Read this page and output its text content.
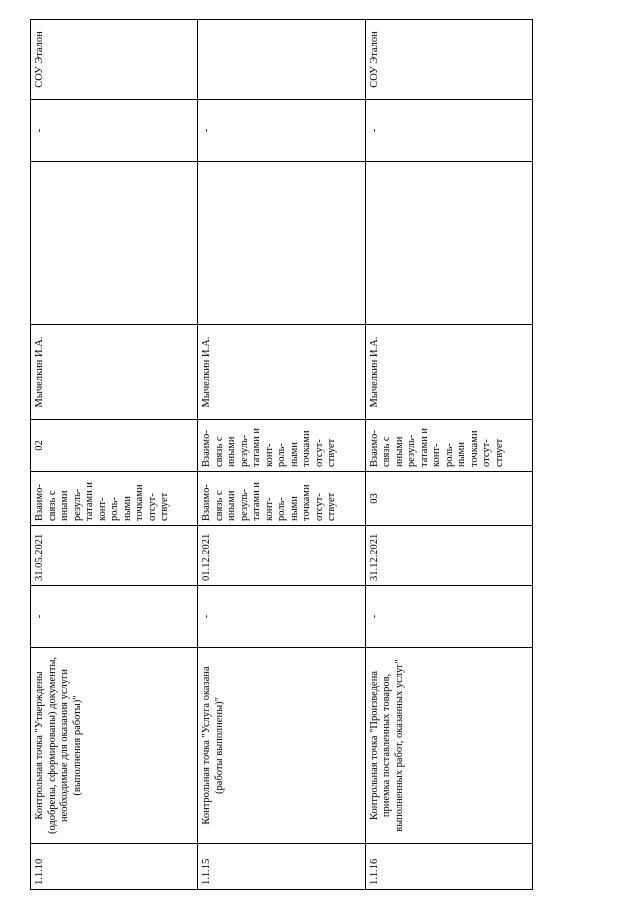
1.1.10	Контрольная точка "Утверждены (одобрены, сформированы) документы, необходимые для оказания услуги (выполнения работы)"	-	31.05.2021	Взаимо-связь с иными резуль-татами и конт-роль-ными точками отсут-ствует	02	Мычелкин И.А.		-	СОУ Эталон
1.1.15	Контрольная точка "Услуга оказана (работы выполнены)"	-	01.12.2021	Взаимо-связь с иными резуль-татами и конт-роль-ными точками отсут-ствует	Взаимо-связь с иными резуль-татами и конт-роль-ными точками отсут-ствует	Мычелкин И.А.		-	
1.1.16	Контрольная точка "Произведена приемка поставленных товаров, выполненных работ, оказанных услуг"	-	31.12.2021	03	Взаимо-связь с иными резуль-татами и конт-роль-ными точками отсут-ствует	Мычелкин И.А.		-	СОУ Эталон
